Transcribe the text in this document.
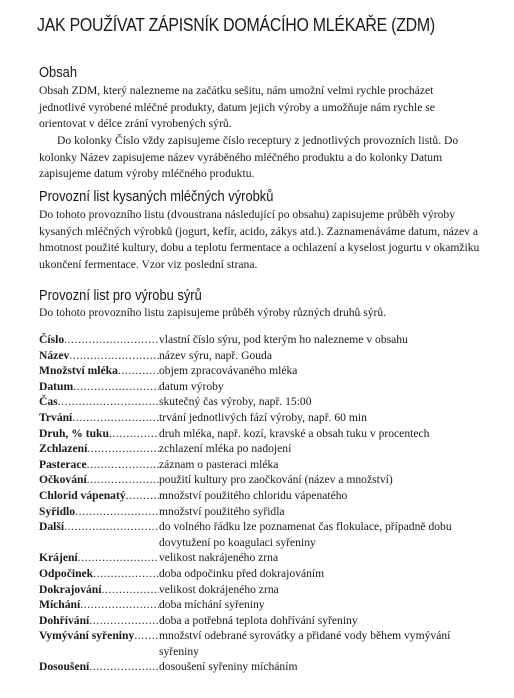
JAK POUŽÍVAT ZÁPISNÍK DOMÁCÍHO MLÉKAŘE (ZDM)
Obsah

Obsah ZDM, který nalezneme na začátku sešitu, nám umožní velmi rychle procházet jednotlivé vyrobené mléčné produkty, datum jejich výroby a umožňuje nám rychle se orientovat v délce zrání vyrobených sýrů.

Do kolonky Číslo vždy zapisujeme číslo receptury z jednotlivých provozních listů. Do kolonky Název zapisujeme název vyráběného mléčného produktu a do kolonky Datum zapisujeme datum výroby mléčného produktu.

Provozní list kysaných mléčných výrobků

Do tohoto provozního listu (dvoustrana následující po obsahu) zapisujeme průběh výroby kysaných mléčných výrobků (jogurt, kefír, acido, zákys atd.). Zaznamenáváme datum, název a hmotnost použité kultury, dobu a teplotu fermentace a ochlazení a kyselost jogurtu v okamžiku ukončení fermentace. Vzor viz poslední strana.

Provozní list pro výrobu sýrů

Do tohoto provozního listu zapisujeme průběh výroby různých druhů sýrů.

Číslo .....	vlastní číslo sýru, pod kterým ho nalezneme v obsahu
Název .....	název sýru, např. Gouda
Množství mléka .....	objem zpracovávaného mléka
Datum .....	datum výroby
Čas .....	skutečný čas výroby, např. 15:00
Trvání .....	trvání jednotlivých fází výroby, např. 60 min
Druh, % tuku .....	druh mléka, např. kozí, kravské a obsah tuku v procentech
Zchlazení .....	zchlazení mléka po nadojení
Pasterace .....	záznam o pasteraci mléka
Očkování .....	použití kultury pro zaočkování (název a množství)
Chlorid vápenatý .....	množství použitého chloridu vápenatého
Syřidlo .....	množství použitého syřidla
Další .....	do volného řádku lze poznamenat čas flokulace, případně dobu dovytužení po koagulaci syřeniny
Krájení .....	velikost nakrájeného zrna
Odpočinek .....	doba odpočinku před dokrajováním
Dokrajování .....	velikost dokrájeného zrna
Míchání .....	doba míchání syřeniny
Dohřívání .....	doba a potřebná teplota dohřívání syřeniny
Vymývání syřeniny ..... množství odebrané syrovátky a přidané vody během vymývání syřeniny
Dosoušení .....	dosoušení syřeniny mícháním
